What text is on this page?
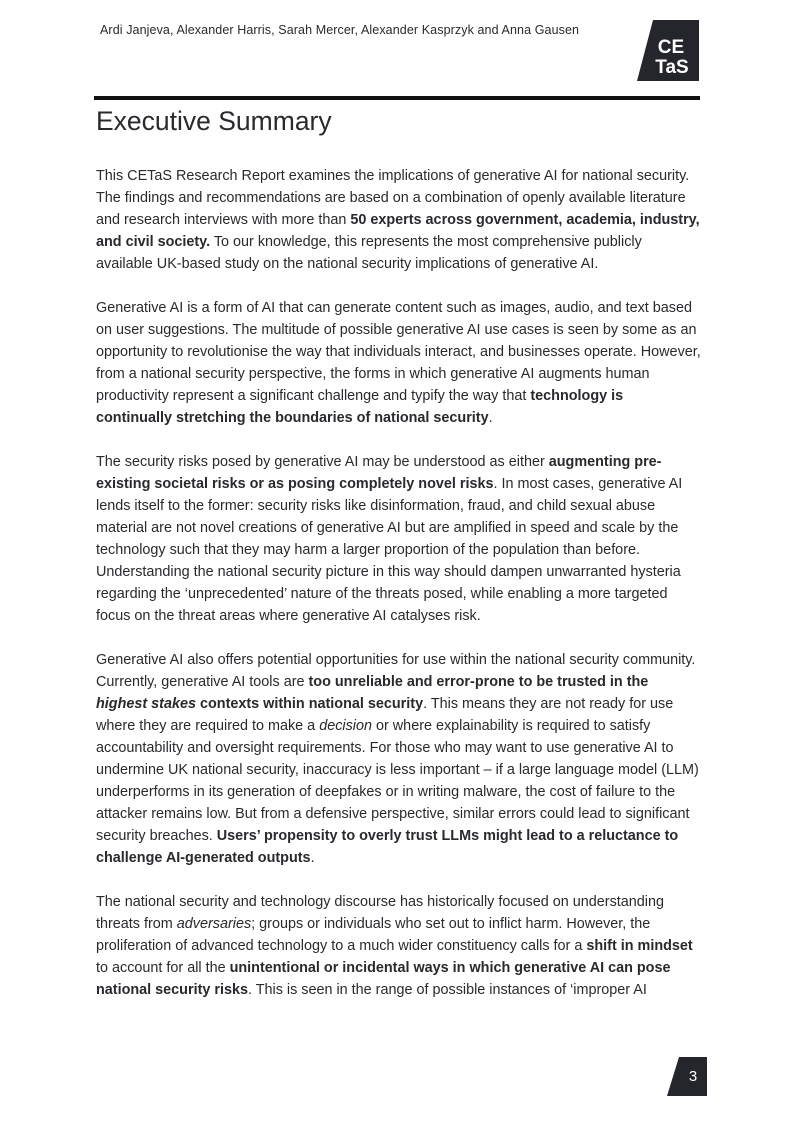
Ardi Janjeva, Alexander Harris, Sarah Mercer, Alexander Kasprzyk and Anna Gausen
CE
TaS
Executive Summary

This CETaS Research Report examines the implications of generative AI for national security. The findings and recommendations are based on a combination of openly available literature and research interviews with more than 50 experts across government, academia, industry, and civil society. To our knowledge, this represents the most comprehensive publicly available UK-based study on the national security implications of generative AI.

Generative AI is a form of AI that can generate content such as images, audio, and text based on user suggestions. The multitude of possible generative AI use cases is seen by some as an opportunity to revolutionise the way that individuals interact, and businesses operate. However, from a national security perspective, the forms in which generative AI augments human productivity represent a significant challenge and typify the way that technology is continually stretching the boundaries of national security.

The security risks posed by generative AI may be understood as either augmenting pre-existing societal risks or as posing completely novel risks. In most cases, generative AI lends itself to the former: security risks like disinformation, fraud, and child sexual abuse material are not novel creations of generative AI but are amplified in speed and scale by the technology such that they may harm a larger proportion of the population than before. Understanding the national security picture in this way should dampen unwarranted hysteria regarding the ‘unprecedented’ nature of the threats posed, while enabling a more targeted focus on the threat areas where generative AI catalyses risk.

Generative AI also offers potential opportunities for use within the national security community. Currently, generative AI tools are too unreliable and error-prone to be trusted in the highest stakes contexts within national security. This means they are not ready for use where they are required to make a decision or where explainability is required to satisfy accountability and oversight requirements. For those who may want to use generative AI to undermine UK national security, inaccuracy is less important – if a large language model (LLM) underperforms in its generation of deepfakes or in writing malware, the cost of failure to the attacker remains low. But from a defensive perspective, similar errors could lead to significant security breaches. Users’ propensity to overly trust LLMs might lead to a reluctance to challenge AI-generated outputs.

The national security and technology discourse has historically focused on understanding threats from adversaries; groups or individuals who set out to inflict harm. However, the proliferation of advanced technology to a much wider constituency calls for a shift in mindset to account for all the unintentional or incidental ways in which generative AI can pose national security risks. This is seen in the range of possible instances of ‘improper AI

3
